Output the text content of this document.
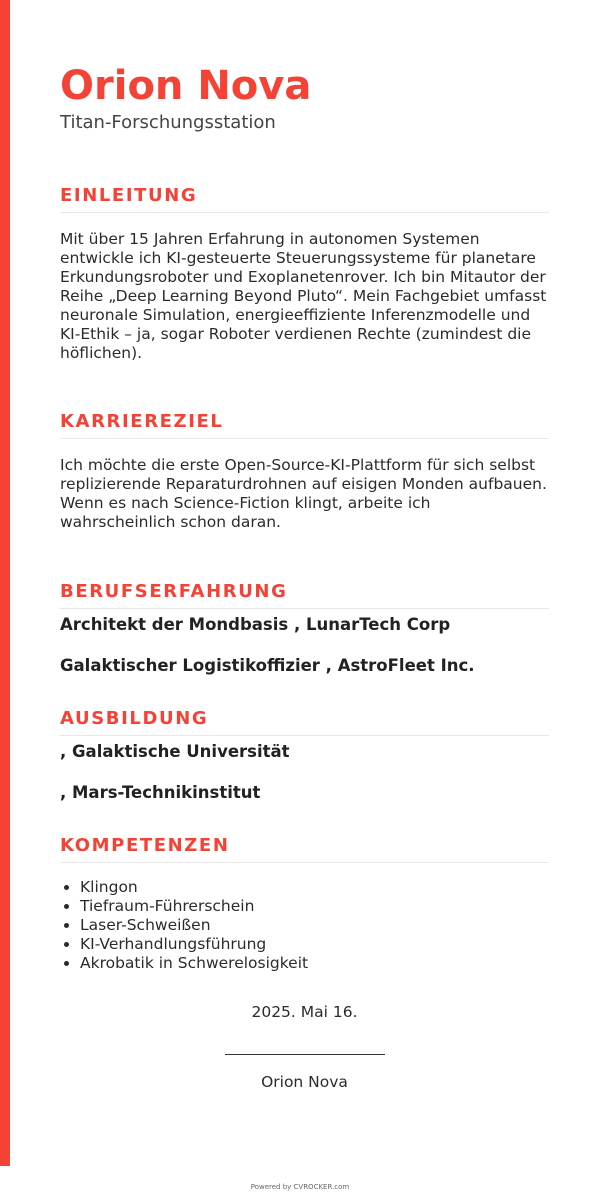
Orion Nova
Titan-Forschungsstation
EINLEITUNG

Mit über 15 Jahren Erfahrung in autonomen Systemen entwickle ich KI-gesteuerte Steuerungssysteme für planetare Erkundungsroboter und Exoplanetenrover. Ich bin Mitautor der Reihe „Deep Learning Beyond Pluto“. Mein Fachgebiet umfasst neuronale Simulation, energieeffiziente Inferenzmodelle und KI-Ethik – ja, sogar Roboter verdienen Rechte (zumindest die höflichen).

KARRIEREZIEL

Ich möchte die erste Open-Source-KI-Plattform für sich selbst replizierende Reparaturdrohnen auf eisigen Monden aufbauen. Wenn es nach Science-Fiction klingt, arbeite ich wahrscheinlich schon daran.

BERUFSERFAHRUNG
Architekt der Mondbasis , LunarTech Corp
Galaktischer Logistikoffizier , AstroFleet Inc.
AUSBILDUNG
, Galaktische Universität
, Mars-Technikinstitut
KOMPETENZEN
• Klingon
• Tiefraum-Führerschein
• Laser-Schweißen
• KI-Verhandlungsführung
• Akrobatik in Schwerelosigkeit
2025. Mai 16.
Orion Nova
Powered by CVROCKER.com
